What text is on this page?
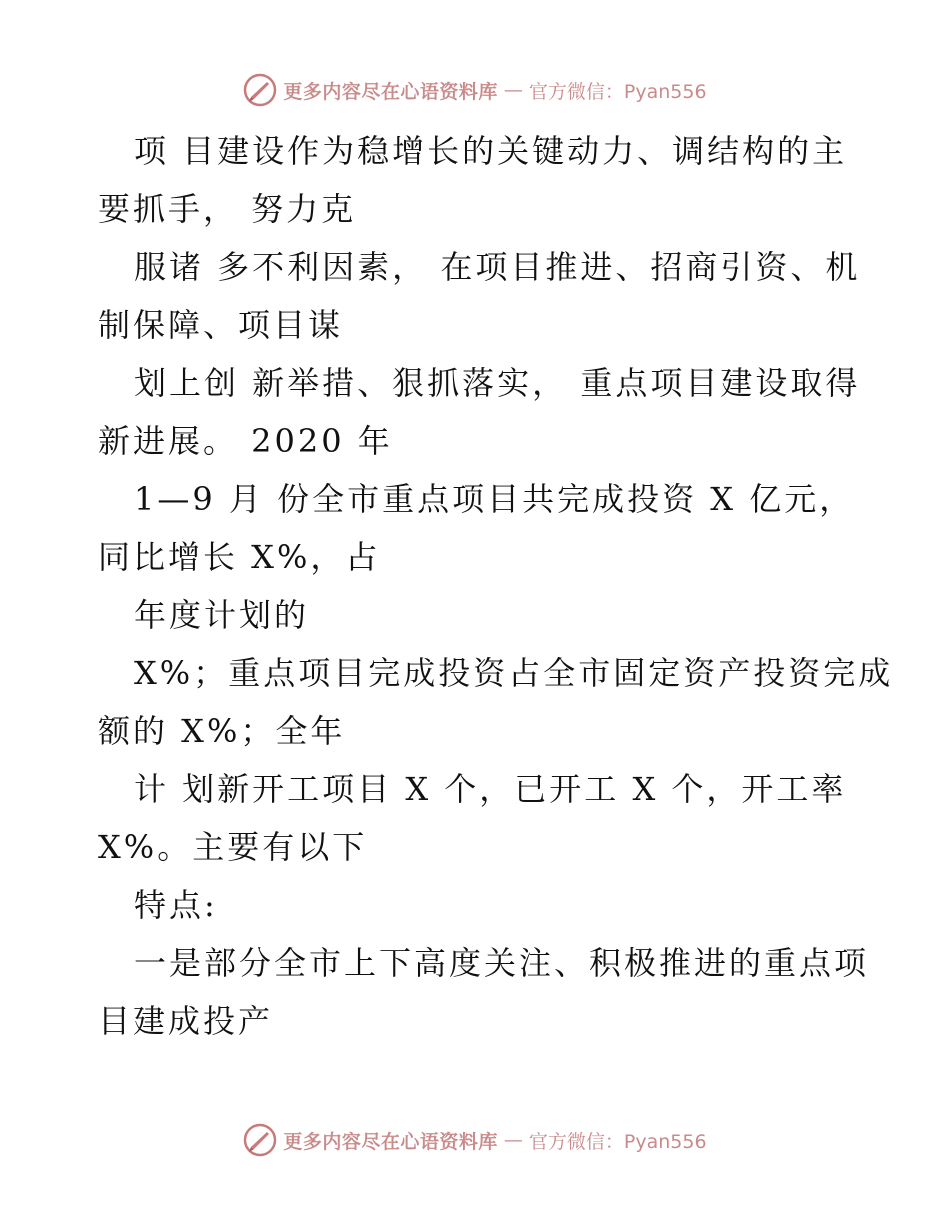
更多内容尽在心语资料库 — 官方微信：Pyan556
项 目建设作为稳增长的关键动力、调结构的主
要抓手， 努力克
服诸 多不利因素， 在项目推进、招商引资、机
制保障、项目谋
划上创 新举措、狠抓落实， 重点项目建设取得
新进展。 2020 年
1—9 月 份全市重点项目共完成投资 X 亿元，
同比增长 X%，占
年度计划的
X%；重点项目完成投资占全市固定资产投资完成
额的 X%；全年
计 划新开工项目 X 个，已开工 X 个，开工率
X%。主要有以下
特点:
一是部分全市上下高度关注、积极推进的重点项
目建成投产
更多内容尽在心语资料库 — 官方微信：Pyan556
